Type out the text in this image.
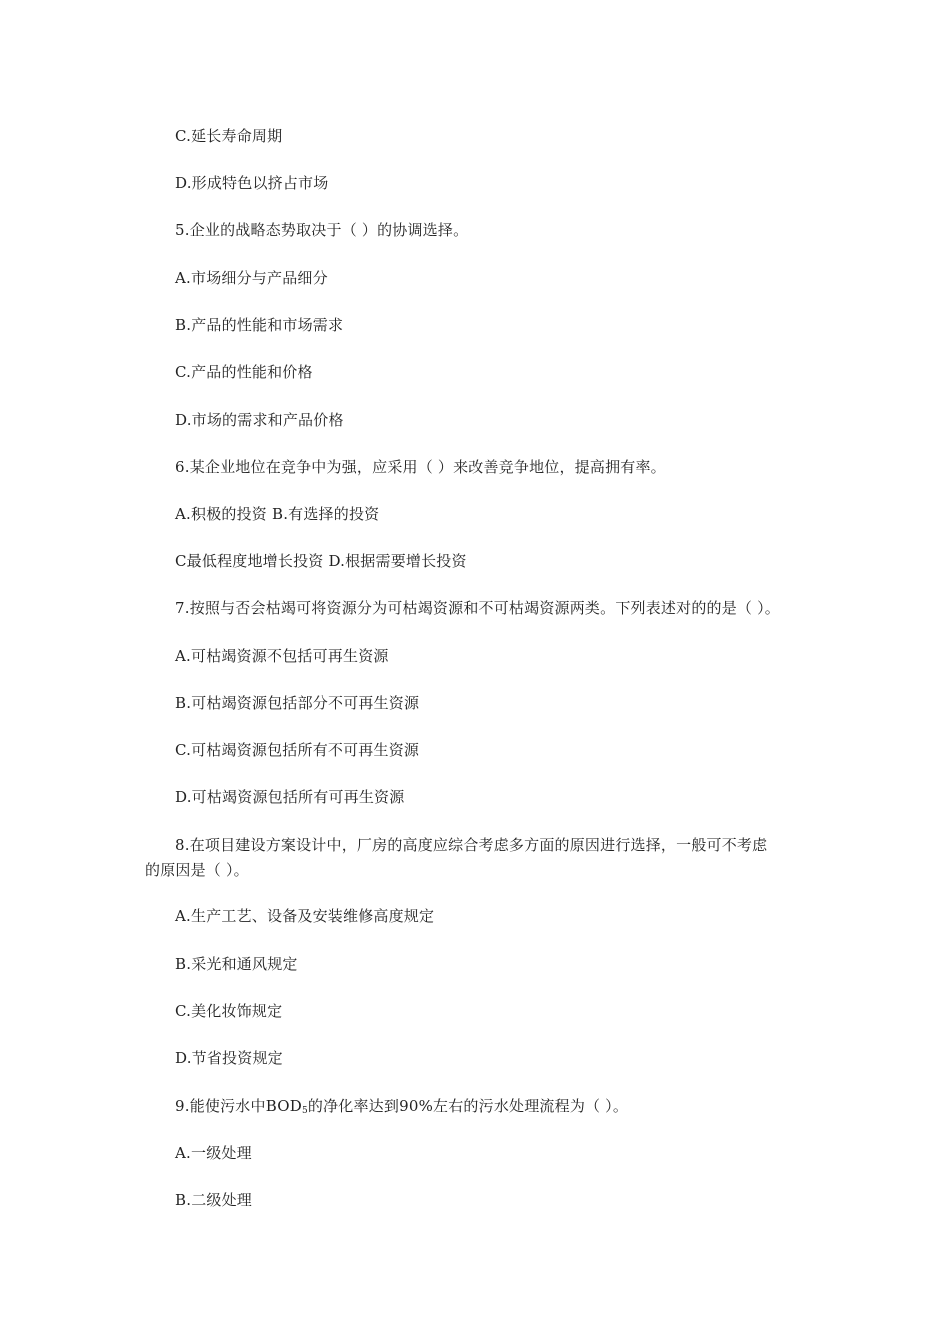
C.延长寿命周期
D.形成特色以挤占市场
5.企业的战略态势取决于（ ）的协调选择。
A.市场细分与产品细分
B.产品的性能和市场需求
C.产品的性能和价格
D.市场的需求和产品价格
6.某企业地位在竞争中为强，应采用（ ）来改善竞争地位，提高拥有率。
A.积极的投资 B.有选择的投资
C最低程度地增长投资 D.根据需要增长投资
7.按照与否会枯竭可将资源分为可枯竭资源和不可枯竭资源两类。下列表述对的的是（ ）。
A.可枯竭资源不包括可再生资源
B.可枯竭资源包括部分不可再生资源
C.可枯竭资源包括所有不可再生资源
D.可枯竭资源包括所有可再生资源
8.在项目建设方案设计中，厂房的高度应综合考虑多方面的原因进行选择，一般可不考虑
的原因是（ ）。
A.生产工艺、设备及安装维修高度规定
B.采光和通风规定
C.美化妆饰规定
D.节省投资规定
9.能使污水中$BOD_5$的净化率达到90%左右的污水处理流程为（ ）。
A.一级处理
B.二级处理
